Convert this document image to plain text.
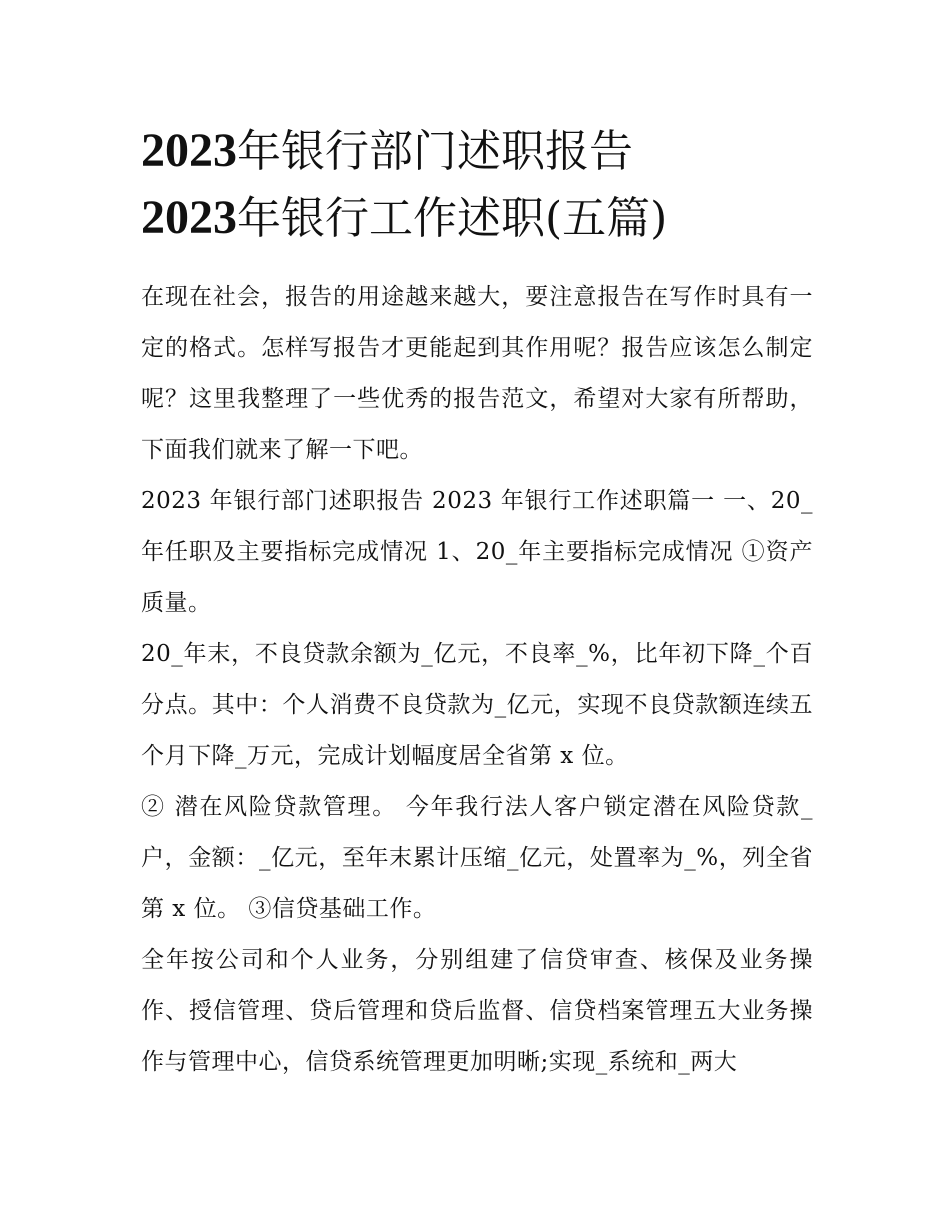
2023年银行部门述职报告
2023年银行工作述职(五篇)

在现在社会，报告的用途越来越大，要注意报告在写作时具有一定的格式。怎样写报告才更能起到其作用呢？报告应该怎么制定呢？这里我整理了一些优秀的报告范文，希望对大家有所帮助，下面我们就来了解一下吧。

2023 年银行部门述职报告 2023 年银行工作述职篇一 一、20_年任职及主要指标完成情况 1、20_年主要指标完成情况 ①资产质量。

20_年末，不良贷款余额为_亿元，不良率_%，比年初下降_个百分点。其中：个人消费不良贷款为_亿元，实现不良贷款额连续五个月下降_万元，完成计划幅度居全省第 x 位。

② 潜在风险贷款管理。 今年我行法人客户锁定潜在风险贷款_户，金额：_亿元，至年末累计压缩_亿元，处置率为_%，列全省第 x 位。 ③信贷基础工作。

全年按公司和个人业务，分别组建了信贷审查、核保及业务操作、授信管理、贷后管理和贷后监督、信贷档案管理五大业务操作与管理中心，信贷系统管理更加明晰;实现_系统和_两大
